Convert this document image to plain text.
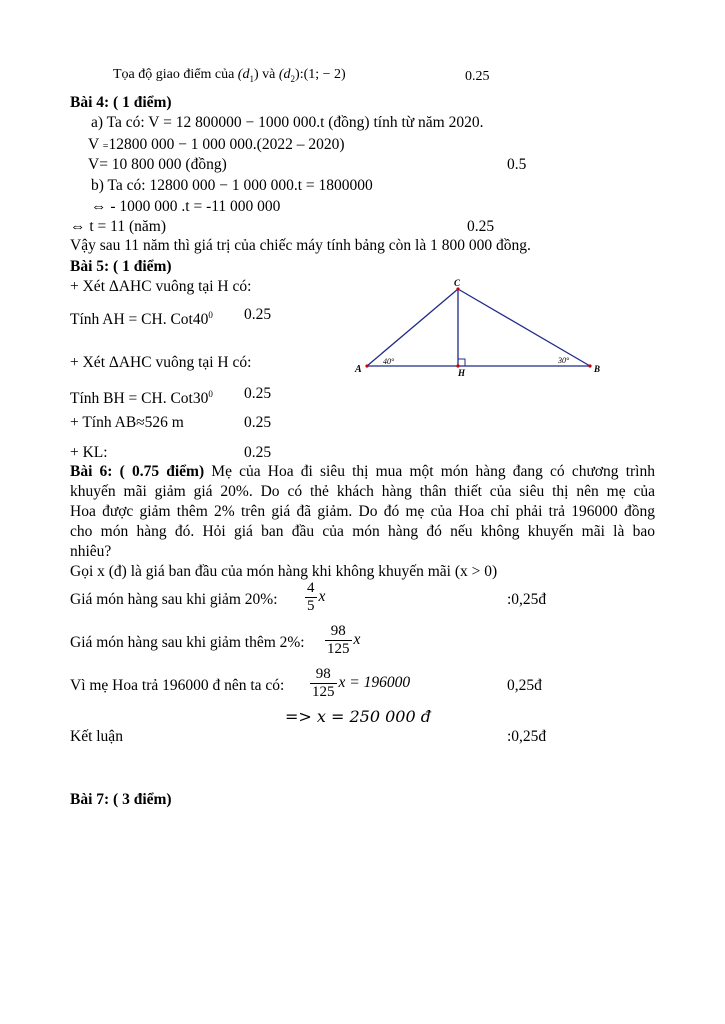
Tọa độ giao điểm của $(d_1)$ và $(d_2):(1$; − 2)	0.25
Bài 4: ( 1 điểm)
a) Ta có: V = 12 800000 − 1000 000.t (đồng) tính từ năm 2020.
V =12800 000 − 1 000 000.(2022 – 2020)
V= 10 800 000 (đồng)	0.5
b) Ta có: 12800 000 − 1 000 000.t = 1800000
⇔ - 1000 000 .t = -11 000 000
⇔ t = 11 (năm)	0.25
Vậy sau 11 năm thì giá trị của chiếc máy tính bảng còn là 1 800 000 đồng.
Bài 5: ( 1 điểm)
+ Xét ΔAHC vuông tại H có:
Tính AH = CH. $Cot40^0$ 0.25
+ Xét ΔAHC vuông tại H có:
Tính BH = CH. $Cot30^0$ 0.25
+ Tính AB≈526 m	0.25
+ KL:	0.25
A	B
C
H
40°	30°
Bài 6: ( 0.75 điểm) Mẹ của Hoa đi siêu thị mua một món hàng đang có chương trình
khuyến mãi giảm giá 20%. Do có thẻ khách hàng thân thiết của siêu thị nên mẹ của
Hoa được giảm thêm 2% trên giá đã giảm. Do đó mẹ của Hoa chỉ phải trả 196000 đồng
cho món hàng đó. Hỏi giá ban đầu của món hàng đó nếu không khuyến mãi là bao
nhiêu?
Gọi x (đ) là giá ban đầu của món hàng khi không khuyến mãi (x > 0)
Giá món hàng sau khi giảm 20%: $\frac{4}{5}$ x	:0,25đ
Giá món hàng sau khi giảm thêm 2%: $\frac{98}{125}$ x
Vì mẹ Hoa trả 196000 đ nên ta có: $\frac{98}{125}$ x = 196000	0,25đ
=> x = 250 000 đ
Kết luận	:0,25đ
Bài 7: ( 3 điểm)
